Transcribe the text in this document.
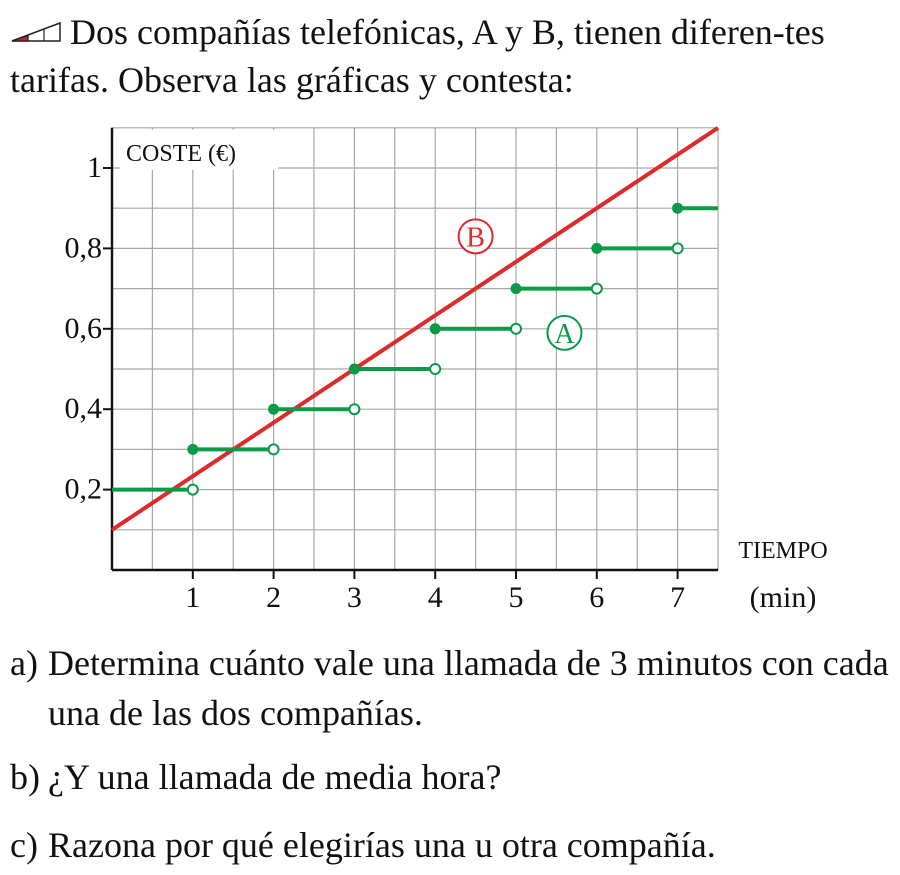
Dos compañías telefónicas, A y B, tienen diferen-tes tarifas. Observa las gráficas y contesta:
1 2 3 4 5 6 7
0,2
0,4
0,6
0,8
1 COSTE (€)
TIEMPO
(min)
A
B
a) Determina cuánto vale una llamada de 3 minutos con cada una de las dos compañías.
b) ¿Y una llamada de media hora?
c) Razona por qué elegirías una u otra compañía.
